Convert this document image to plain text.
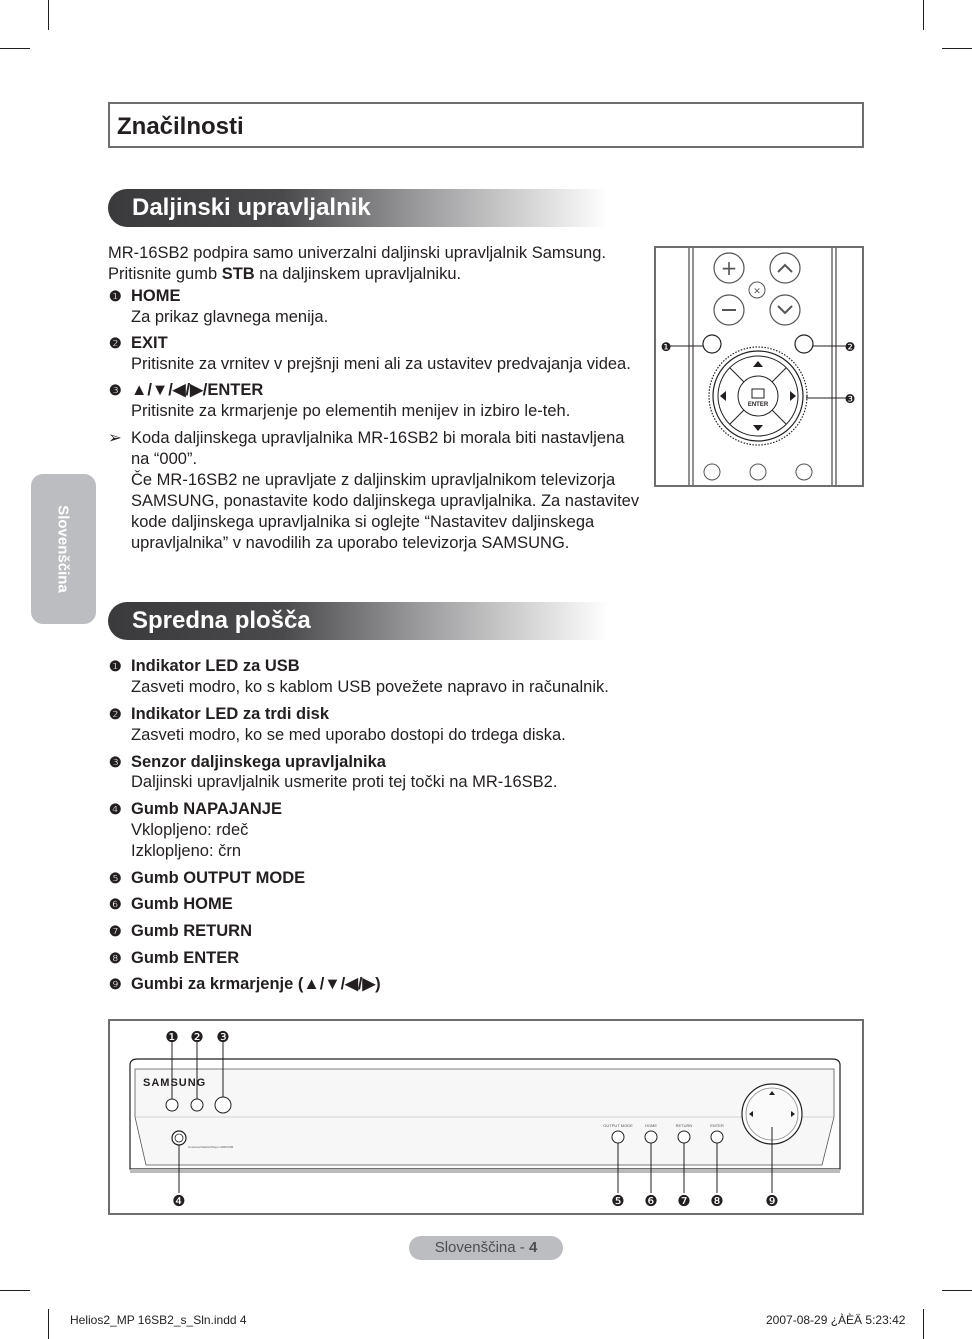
Značilnosti
Daljinski upravljalnik
MR-16SB2 podpira samo univerzalni daljinski upravljalnik Samsung.
Pritisnite gumb STB na daljinskem upravljalniku.
❶ HOME
Za prikaz glavnega menija.
❷ EXIT
Pritisnite za vrnitev v prejšnji meni ali za ustavitev predvajanja videa.
❸ ▲/▼/◀/▶/ENTER
Pritisnite za krmarjenje po elementih menijev in izbiro le-teh.
➢ Koda daljinskega upravljalnika MR-16SB2 bi morala biti nastavljena
na “000”.
Če MR-16SB2 ne upravljate z daljinskim upravljalnikom televizorja
SAMSUNG, ponastavite kodo daljinskega upravljalnika. Za nastavitev
kode daljinskega upravljalnika si oglejte “Nastavitev daljinskega
upravljalnika” v navodilih za uporabo televizorja SAMSUNG.
+
✕
ENTER
❶	❷
❸
Slovenščina
Spredna plošča
❶ Indikator LED za USB
Zasveti modro, ko s kablom USB povežete napravo in računalnik.
❷ Indikator LED za trdi disk
Zasveti modro, ko se med uporabo dostopi do trdega diska.
❸ Senzor daljinskega upravljalnika
Daljinski upravljalnik usmerite proti tej točki na MR-16SB2.
❹ Gumb NAPAJANJE
Vklopljeno: rdeč
Izklopljeno: črn
❺ Gumb OUTPUT MODE
❻ Gumb HOME
❼ Gumb RETURN
❽ Gumb ENTER
❾ Gumbi za krmarjenje (▲/▼/◀/▶)
SAMSUNG
Universal Media Player HDD/USB
OUTPUT MODE	HOME	RETURN	ENTER
❶ ❷ ❸
❹	❺ ❻ ❼ ❽	❾
Slovenščina - 4
Helios2_MP 16SB2_s_Sln.indd 4	2007-08-29 ¿ÀÈÄ 5:23:42
